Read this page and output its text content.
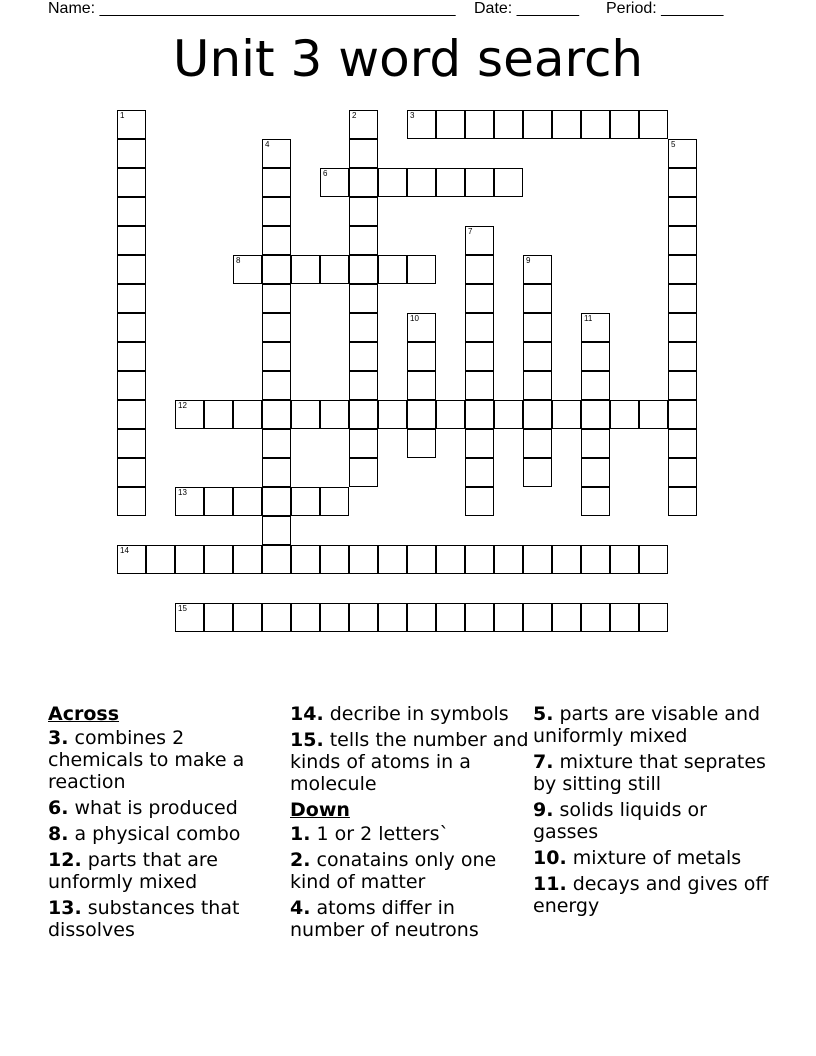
Name: ________________________________________ Date: _______ Period: _______
Unit 3 word search
3
6
8
12
13
14
15
1	2
4	5
7
9
10	11
Across
3. combines 2 chemicals to make a reaction
6. what is produced
8. a physical combo
12. parts that are unformly mixed
13. substances that dissolves
14. decribe in symbols
15. tells the number and kinds of atoms in a molecule
Down
1. 1 or 2 letters`
2. conatains only one kind of matter
4. atoms differ in number of neutrons
5. parts are visable and uniformly mixed
7. mixture that seprates by sitting still
9. solids liquids or gasses
10. mixture of metals
11. decays and gives off energy
